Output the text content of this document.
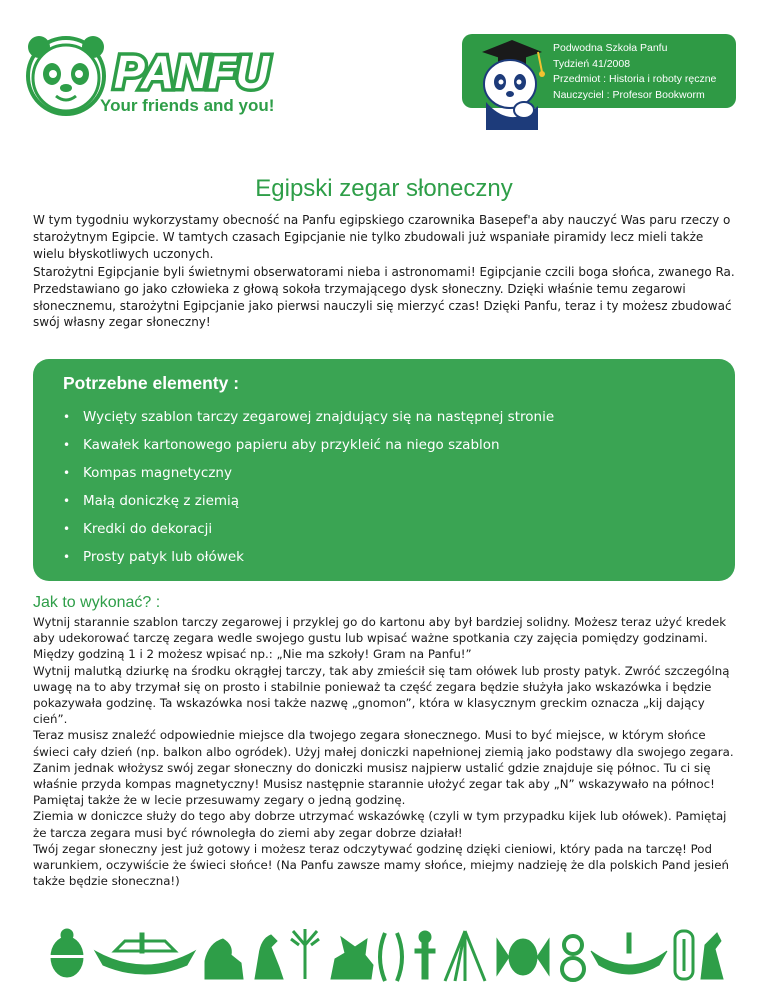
PANFU
Your friends and you!
Podwodna Szkoła Panfu
Tydzień 41/2008
Przedmiot : Historia i roboty ręczne
Nauczyciel : Profesor Bookworm
Egipski zegar słoneczny

W tym tygodniu wykorzystamy obecność na Panfu egipskiego czarownika Basepef'a aby nauczyć Was paru rzeczy o starożytnym Egipcie. W tamtych czasach Egipcjanie nie tylko zbudowali już wspaniałe piramidy lecz mieli także wielu błyskotliwych uczonych.

Starożytni Egipcjanie byli świetnymi obserwatorami nieba i astronomami! Egipcjanie czcili boga słońca, zwanego Ra. Przedstawiano go jako człowieka z głową sokoła trzymającego dysk słoneczny. Dzięki właśnie temu zegarowi słonecznemu, starożytni Egipcjanie jako pierwsi nauczyli się mierzyć czas! Dzięki Panfu, teraz i ty możesz zbudować swój własny zegar słoneczny!

Potrzebne elementy :
• Wycięty szablon tarczy zegarowej znajdujący się na następnej stronie
• Kawałek kartonowego papieru aby przykleić na niego szablon
• Kompas magnetyczny
• Małą doniczkę z ziemią
• Kredki do dekoracji
• Prosty patyk lub ołówek
Jak to wykonać? :

Wytnij starannie szablon tarczy zegarowej i przyklej go do kartonu aby był bardziej solidny. Możesz teraz użyć kredek aby udekorować tarczę zegara wedle swojego gustu lub wpisać ważne spotkania czy zajęcia pomiędzy godzinami. Między godziną 1 i 2 możesz wpisać np.: „Nie ma szkoły! Gram na Panfu!”

Wytnij malutką dziurkę na środku okrągłej tarczy, tak aby zmieścił się tam ołówek lub prosty patyk. Zwróć szczególną uwagę na to aby trzymał się on prosto i stabilnie ponieważ ta część zegara będzie służyła jako wskazówka i będzie pokazywała godzinę. Ta wskazówka nosi także nazwę „gnomon”, która w klasycznym greckim oznacza „kij dający cień”.

Teraz musisz znaleźć odpowiednie miejsce dla twojego zegara słonecznego. Musi to być miejsce, w którym słońce świeci cały dzień (np. balkon albo ogródek). Użyj małej doniczki napełnionej ziemią jako podstawy dla swojego zegara.

Zanim jednak włożysz swój zegar słoneczny do doniczki musisz najpierw ustalić gdzie znajduje się północ. Tu ci się właśnie przyda kompas magnetyczny! Musisz następnie starannie ułożyć zegar tak aby „N” wskazywało na północ! Pamiętaj także że w lecie przesuwamy zegary o jedną godzinę.

Ziemia w doniczce służy do tego aby dobrze utrzymać wskazówkę (czyli w tym przypadku kijek lub ołówek). Pamiętaj że tarcza zegara musi być równoległa do ziemi aby zegar dobrze działał!

Twój zegar słoneczny jest już gotowy i możesz teraz odczytywać godzinę dzięki cieniowi, który pada na tarczę! Pod warunkiem, oczywiście że świeci słońce! (Na Panfu zawsze mamy słońce, miejmy nadzieję że dla polskich Pand jesień także będzie słoneczna!)
